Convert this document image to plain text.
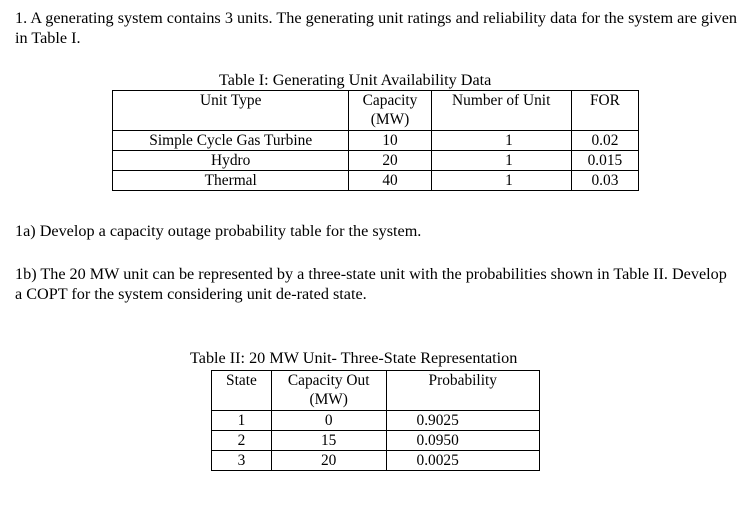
1. A generating system contains 3 units. The generating unit ratings and reliability data for the system are given in Table I.

Table I: Generating Unit Availability Data
Unit Type	Capacity (MW)	Number of Unit	FOR
Simple Cycle Gas Turbine	10	1	0.02
Hydro	20	1	0.015
Thermal	40	1	0.03

1a) Develop a capacity outage probability table for the system.

1b) The 20 MW unit can be represented by a three-state unit with the probabilities shown in Table II. Develop a COPT for the system considering unit de-rated state.

Table II: 20 MW Unit- Three-State Representation
State	Capacity Out (MW)	Probability
1	0	0.9025
2	15	0.0950
3	20	0.0025
